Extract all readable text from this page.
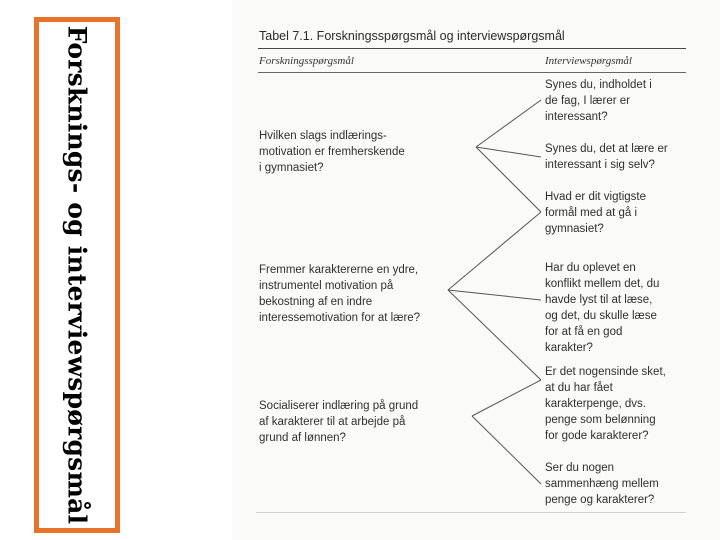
Forsknings- og interviewspørgsmål	Tabel 7.1. Forskningsspørgsmål og interviewspørgsmål
Forskningsspørgsmål	Interviewspørgsmål
Hvilken slags indlærings-
motivation er fremherskende
i gymnasiet?
Fremmer karaktererne en ydre,
instrumentel motivation på
bekostning af en indre
interessemotivation for at lære?
Socialiserer indlæring på grund
af karakterer til at arbejde på
grund af lønnen?
Synes du, indholdet i
de fag, I lærer er
interessant?
Synes du, det at lære er
interessant i sig selv?
Hvad er dit vigtigste
formål med at gå i
gymnasiet?
Har du oplevet en
konflikt mellem det, du
havde lyst til at læse,
og det, du skulle læse
for at få en god
karakter?
Er det nogensinde sket,
at du har fået
karakterpenge, dvs.
penge som belønning
for gode karakterer?
Ser du nogen
sammenhæng mellem
penge og karakterer?
